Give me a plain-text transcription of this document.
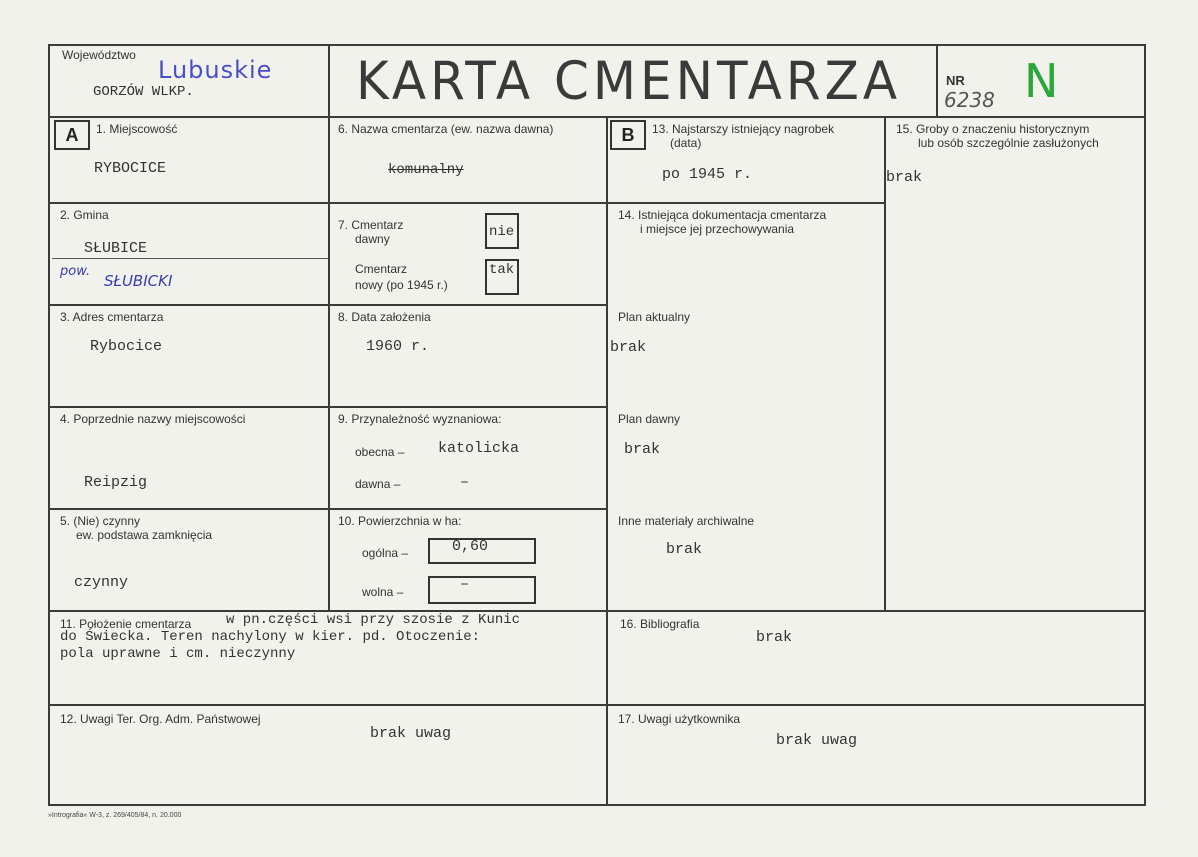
Województwo
Lubuskie
GORZÓW WLKP.	KARTA CMENTARZA	NR
6238 N
A	B
1. Miejscowość
RYBOCICE
6. Nazwa cmentarza (ew. nazwa dawna)
komunalny
13. Najstarszy istniejący nagrobek
(data)
po 1945 r.
15. Groby o znaczeniu historycznym
lub osób szczególnie zasłużonych
brak
2. Gmina
SŁUBICE
pow.
SŁUBICKI
7. Cmentarz
dawny	nie
Cmentarz
nowy (po 1945 r.)
tak
14. Istniejąca dokumentacja cmentarza
i miejsce jej przechowywania
3. Adres cmentarza
Rybocice
8. Data założenia
1960 r.
Plan aktualny
brak
4. Poprzednie nazwy miejscowości
Reipzig
9. Przynależność wyznaniowa:
obecna – katolicka
dawna –	–
Plan dawny
brak
5. (Nie) czynny
ew. podstawa zamknięcia
czynny
10. Powierzchnia w ha:
ogólna –	0,60
wolna –	–
Inne materiały archiwalne
brak
11. Położenie cmentarza w pn.części wsi przy szosie z Kunic
do Świecka. Teren nachylony w kier. pd. Otoczenie:
pola uprawne i cm. nieczynny
16. Bibliografia
brak
12. Uwagi Ter. Org. Adm. Państwowej
brak uwag
17. Uwagi użytkownika
brak uwag
»Intrografia« W-3, z. 269/405/84, n. 20.000
